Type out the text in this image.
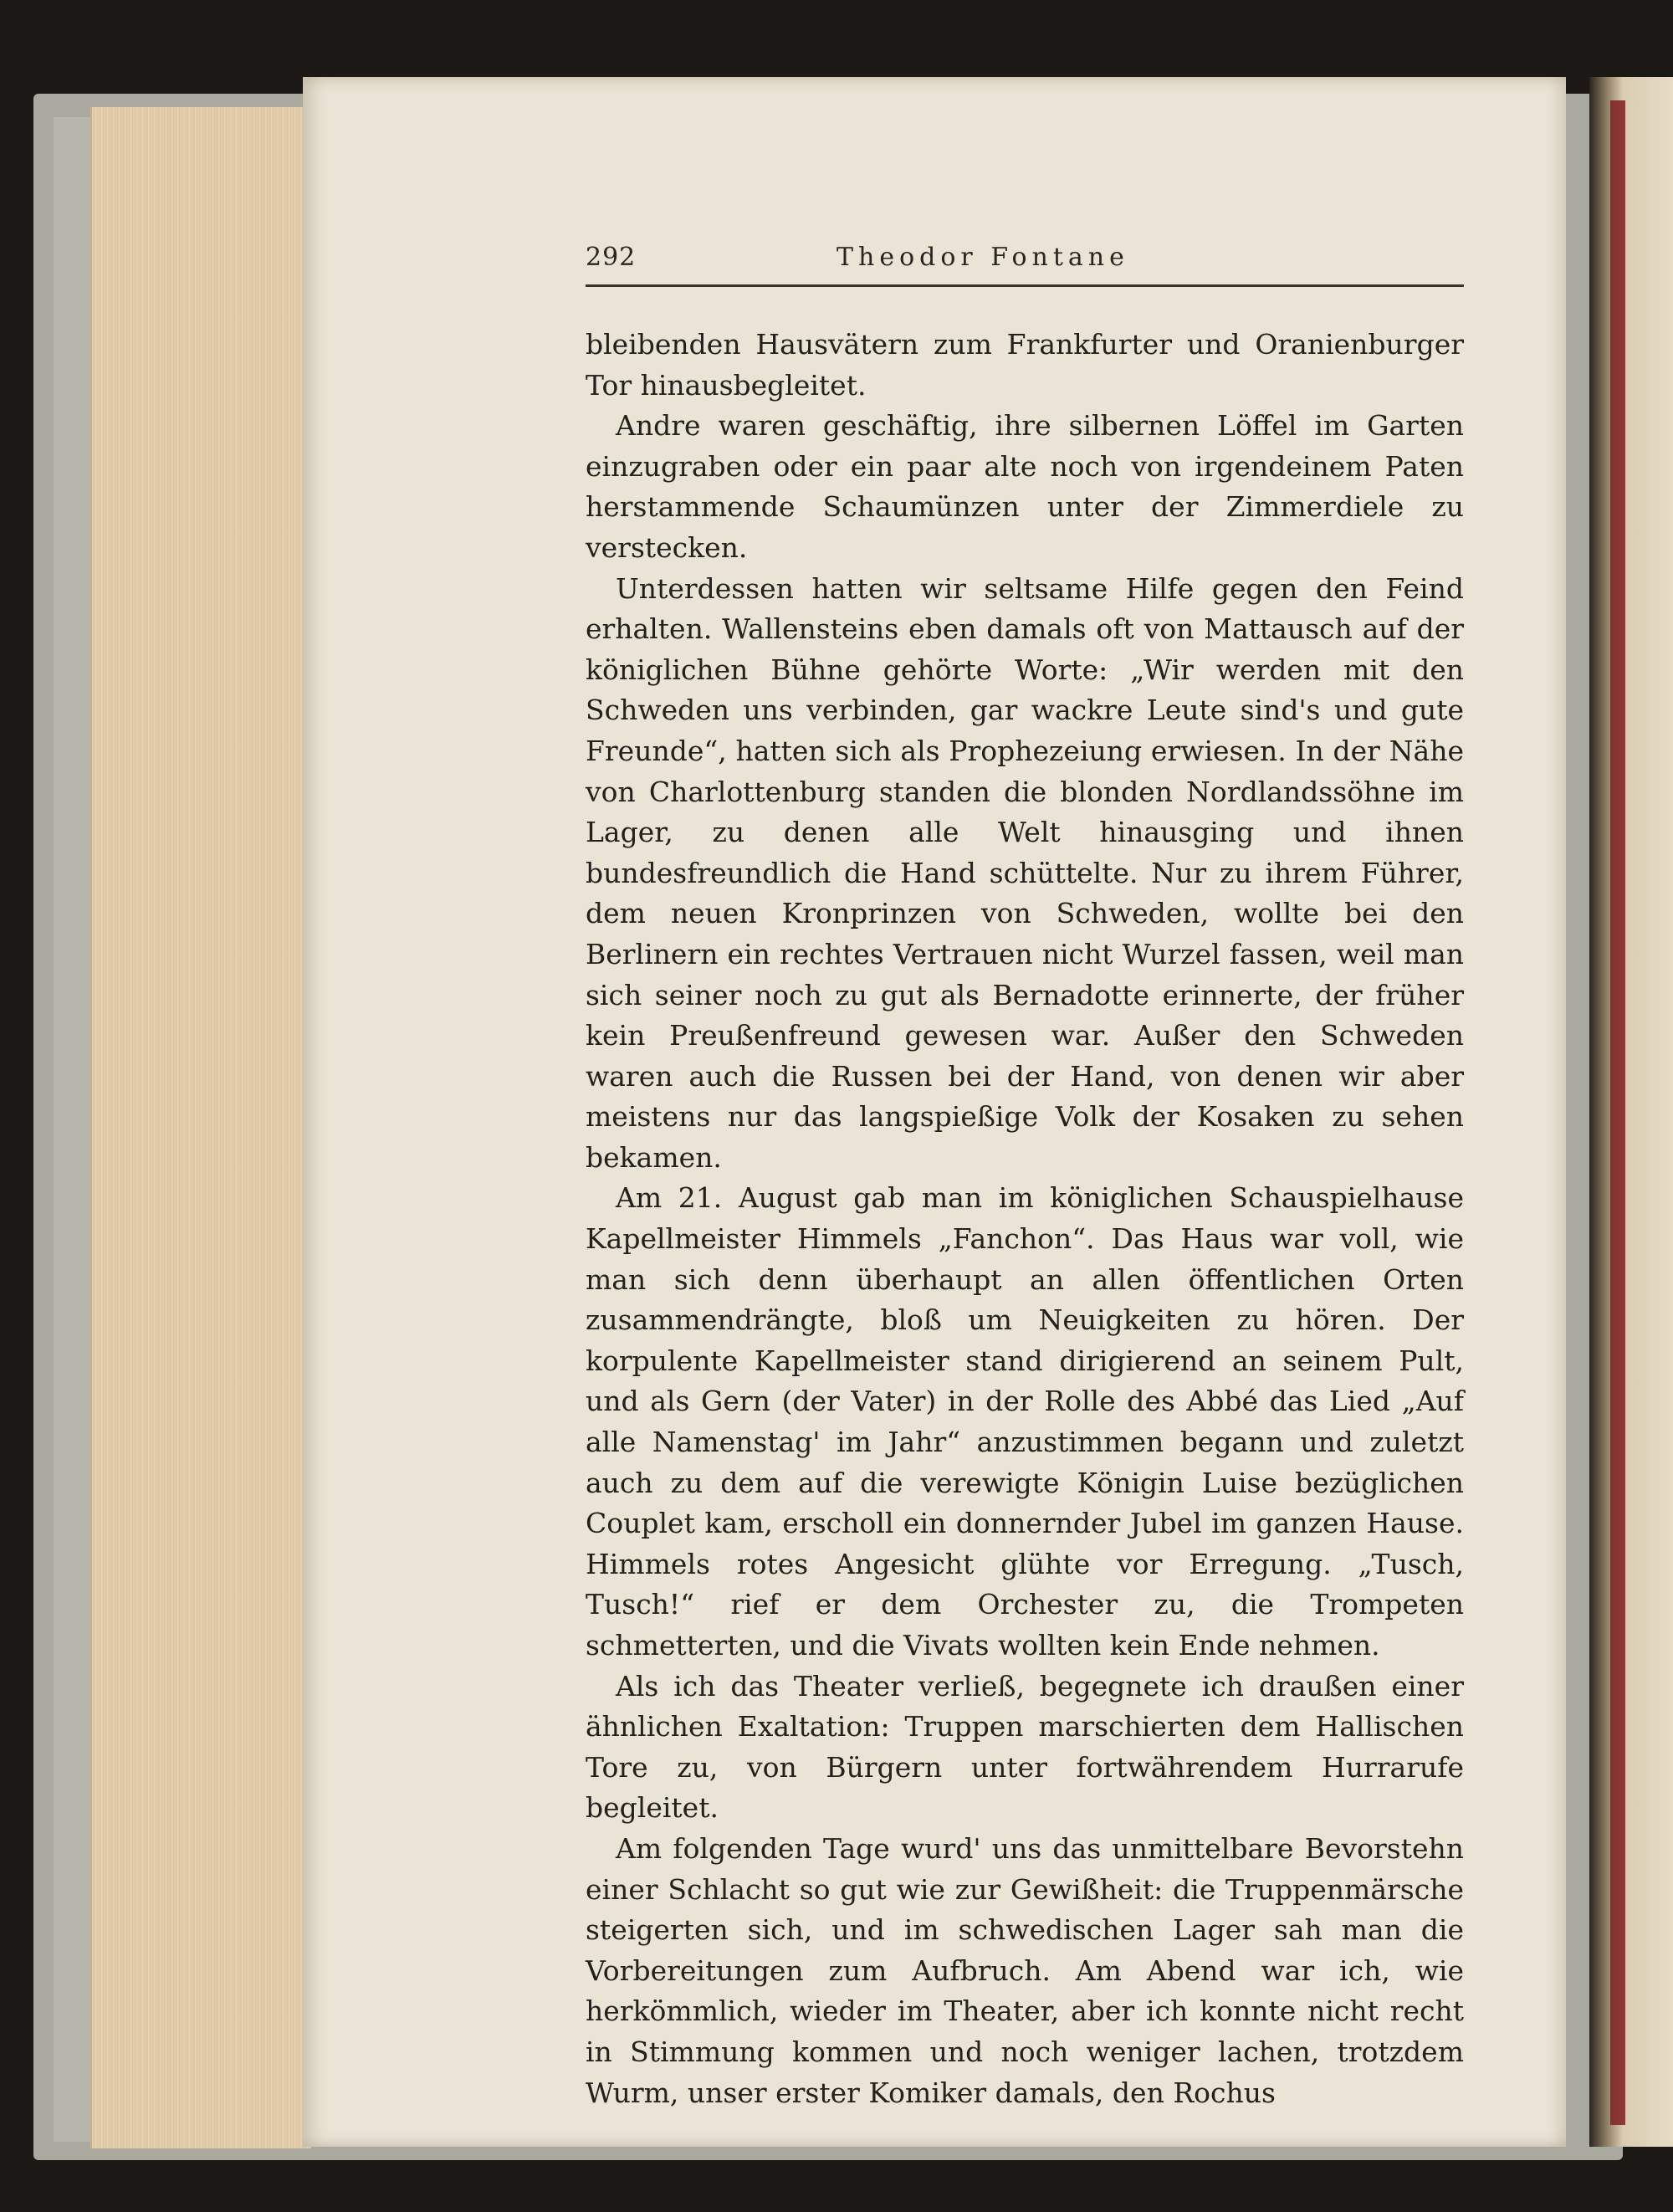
292	Theodor Fontane

bleibenden Hausvätern zum Frankfurter und Oranienburger Tor hinausbegleitet.

Andre waren geschäftig, ihre silbernen Löffel im Garten einzugraben oder ein paar alte noch von irgendeinem Paten herstammende Schaumünzen unter der Zimmerdiele zu verstecken.

Unterdessen hatten wir seltsame Hilfe gegen den Feind erhalten. Wallensteins eben damals oft von Mattausch auf der königlichen Bühne gehörte Worte: „Wir werden mit den Schweden uns verbinden, gar wackre Leute sind's und gute Freunde“, hatten sich als Prophezeiung erwiesen. In der Nähe von Charlottenburg standen die blonden Nordlandssöhne im Lager, zu denen alle Welt hinausging und ihnen bundesfreundlich die Hand schüttelte. Nur zu ihrem Führer, dem neuen Kronprinzen von Schweden, wollte bei den Berlinern ein rechtes Vertrauen nicht Wurzel fassen, weil man sich seiner noch zu gut als Bernadotte erinnerte, der früher kein Preußenfreund gewesen war. Außer den Schweden waren auch die Russen bei der Hand, von denen wir aber meistens nur das langspießige Volk der Kosaken zu sehen bekamen.

Am 21. August gab man im königlichen Schauspielhause Kapellmeister Himmels „Fanchon“. Das Haus war voll, wie man sich denn überhaupt an allen öffentlichen Orten zusammendrängte, bloß um Neuigkeiten zu hören. Der korpulente Kapellmeister stand dirigierend an seinem Pult, und als Gern (der Vater) in der Rolle des Abbé das Lied „Auf alle Namenstag' im Jahr“ anzustimmen begann und zuletzt auch zu dem auf die verewigte Königin Luise bezüglichen Couplet kam, erscholl ein donnernder Jubel im ganzen Hause. Himmels rotes Angesicht glühte vor Erregung. „Tusch, Tusch!“ rief er dem Orchester zu, die Trompeten schmetterten, und die Vivats wollten kein Ende nehmen.

Als ich das Theater verließ, begegnete ich draußen einer ähnlichen Exaltation: Truppen marschierten dem Hallischen Tore zu, von Bürgern unter fortwährendem Hurrarufe begleitet.

Am folgenden Tage wurd' uns das unmittelbare Bevorstehn einer Schlacht so gut wie zur Gewißheit: die Truppenmärsche steigerten sich, und im schwedischen Lager sah man die Vorbereitungen zum Aufbruch. Am Abend war ich, wie herkömmlich, wieder im Theater, aber ich konnte nicht recht in Stimmung kommen und noch weniger lachen, trotzdem Wurm, unser erster Komiker damals, den Rochus
